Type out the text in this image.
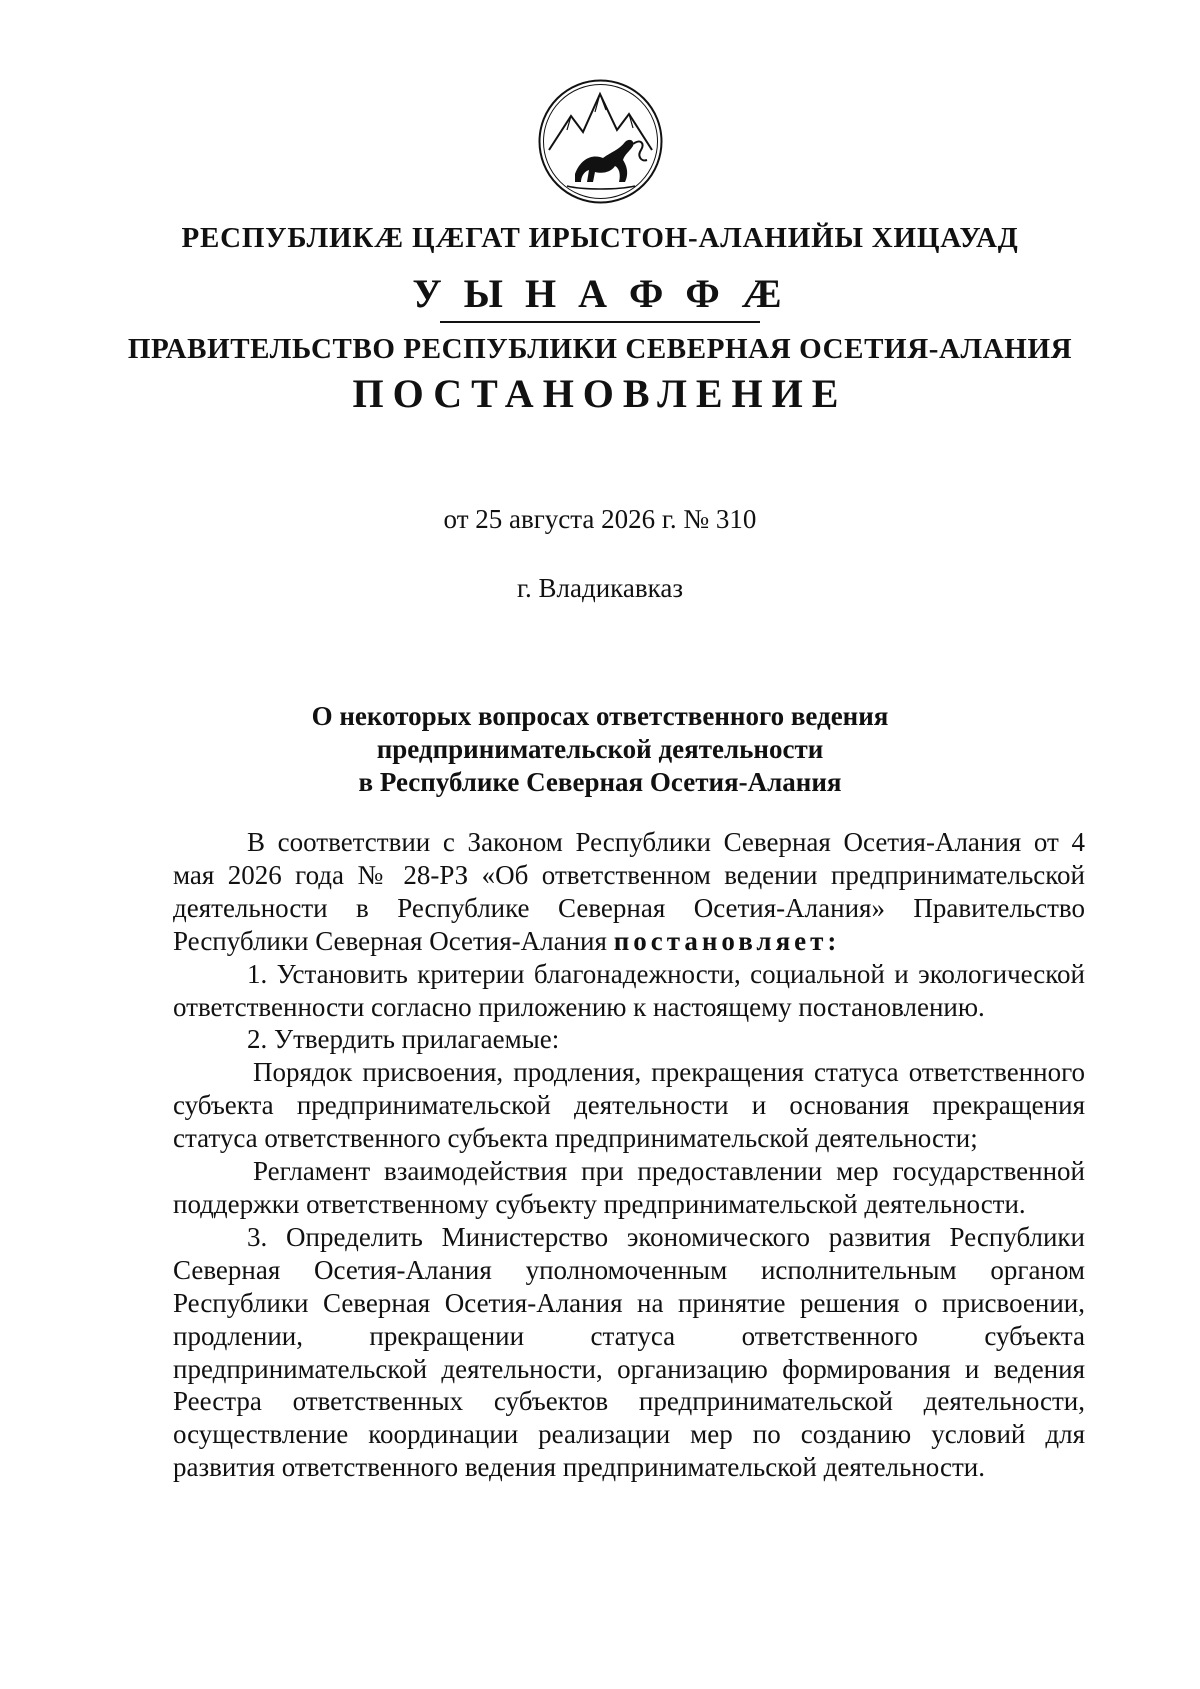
РЕСПУБЛИКÆ ЦÆГАТ ИРЫСТОН-АЛАНИЙЫ ХИЦАУАД
У Ы Н А Ф Ф Æ
ПРАВИТЕЛЬСТВО РЕСПУБЛИКИ СЕВЕРНАЯ ОСЕТИЯ-АЛАНИЯ
ПОСТАНОВЛЕНИЕ
от 25 августа 2026 г. № 310
г. Владикавказ
О некоторых вопросах ответственного ведения
предпринимательской деятельности
в Республике Северная Осетия-Алания

В соответствии с Законом Республики Северная Осетия-Алания от 4 мая 2026 года № 28-РЗ «Об ответственном ведении предпринимательской деятельности в Республике Северная Осетия-Алания» Правительство Республики Северная Осетия-Алания постановляет:

1. Установить критерии благонадежности, социальной и экологической ответственности согласно приложению к настоящему постановлению.

2. Утвердить прилагаемые:

Порядок присвоения, продления, прекращения статуса ответственного субъекта предпринимательской деятельности и основания прекращения статуса ответственного субъекта предпринимательской деятельности;

Регламент взаимодействия при предоставлении мер государственной поддержки ответственному субъекту предпринимательской деятельности.

3. Определить Министерство экономического развития Республики Северная Осетия-Алания уполномоченным исполнительным органом Республики Северная Осетия-Алания на принятие решения о присвоении, продлении, прекращении статуса ответственного субъекта предпринимательской деятельности, организацию формирования и ведения Реестра ответственных субъектов предпринимательской деятельности, осуществление координации реализации мер по созданию условий для развития ответственного ведения предпринимательской деятельности.
